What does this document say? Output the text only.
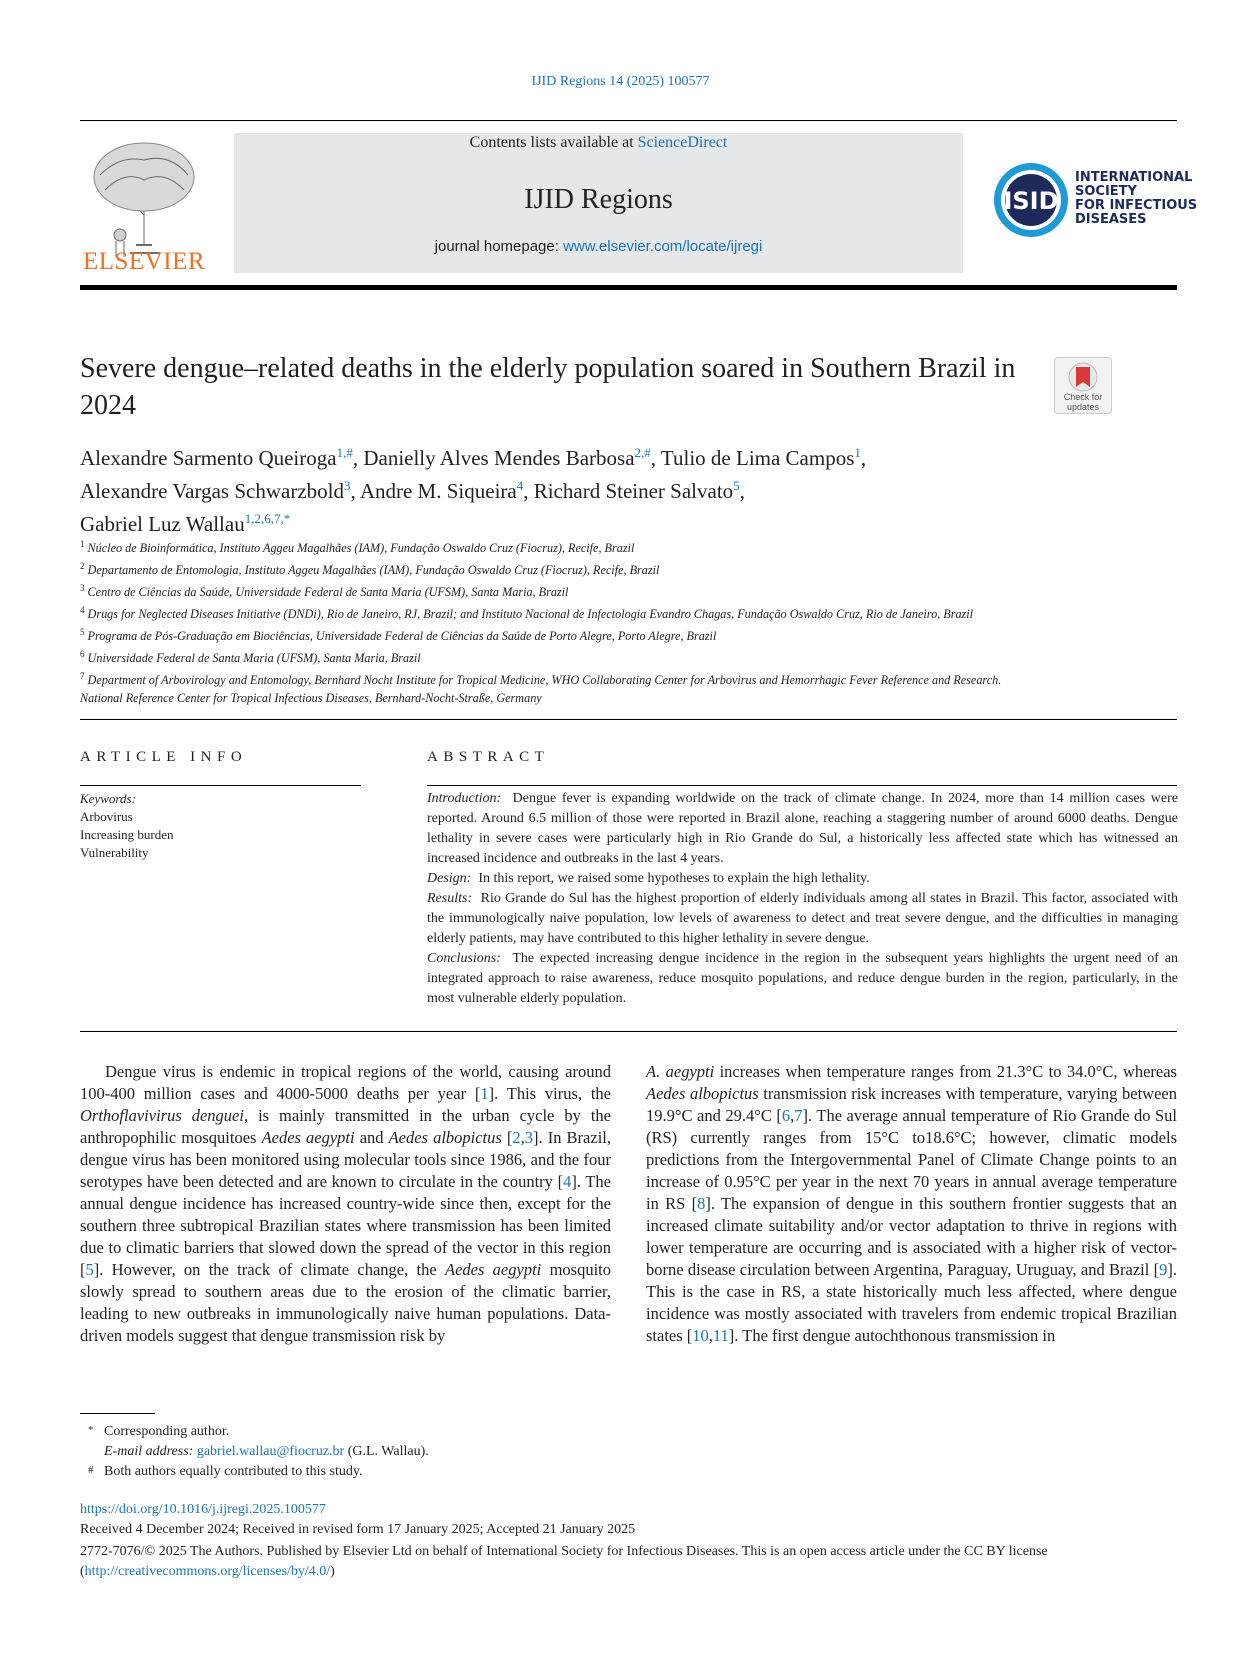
IJID Regions 14 (2025) 100577
ELSEVIER
Contents lists available at ScienceDirect
IJID Regions
journal homepage: www.elsevier.com/locate/ijregi
ISID
INTERNATIONAL
SOCIETY
FOR INFECTIOUS
DISEASES
Severe dengue–related deaths in the elderly population soared in Southern Brazil in 2024	Check for updates
Alexandre Sarmento Queiroga$^{1,\#}$, Danielly Alves Mendes Barbosa$^{2,\#}$, Tulio de Lima Campos$^1$,
Alexandre Vargas Schwarzbold$^3$, Andre M. Siqueira$^4$, Richard Steiner Salvato$^5$,
Gabriel Luz Wallau$^{1,2,6,7,*}$
$^1$ Núcleo de Bioinformática, Instituto Aggeu Magalhães (IAM), Fundação Oswaldo Cruz (Fiocruz), Recife, Brazil
$^2$ Departamento de Entomologia, Instituto Aggeu Magalhães (IAM), Fundação Oswaldo Cruz (Fiocruz), Recife, Brazil
$^3$ Centro de Ciências da Saúde, Universidade Federal de Santa Maria (UFSM), Santa Maria, Brazil
$^4$ Drugs for Neglected Diseases Initiative (DNDi), Rio de Janeiro, RJ, Brazil; and Instituto Nacional de Infectologia Evandro Chagas, Fundação Oswaldo Cruz, Rio de Janeiro, Brazil
$^5$ Programa de Pós-Graduação em Biociências, Universidade Federal de Ciências da Saúde de Porto Alegre, Porto Alegre, Brazil
$^6$ Universidade Federal de Santa Maria (UFSM), Santa Maria, Brazil
$^7$ Department of Arbovirology and Entomology, Bernhard Nocht Institute for Tropical Medicine, WHO Collaborating Center for Arbovirus and Hemorrhagic Fever Reference and Research. National Reference Center for Tropical Infectious Diseases, Bernhard-Nocht-Straße, Germany
ARTICLE INFO	ABSTRACT
Keywords:
Arbovirus
Increasing burden
Vulnerability

Introduction: Dengue fever is expanding worldwide on the track of climate change. In 2024, more than 14 million cases were reported. Around 6.5 million of those were reported in Brazil alone, reaching a staggering number of around 6000 deaths. Dengue lethality in severe cases were particularly high in Rio Grande do Sul, a historically less affected state which has witnessed an increased incidence and outbreaks in the last 4 years.

Design: In this report, we raised some hypotheses to explain the high lethality.

Results: Rio Grande do Sul has the highest proportion of elderly individuals among all states in Brazil. This factor, associated with the immunologically naive population, low levels of awareness to detect and treat severe dengue, and the difficulties in managing elderly patients, may have contributed to this higher lethality in severe dengue.

Conclusions: The expected increasing dengue incidence in the region in the subsequent years highlights the urgent need of an integrated approach to raise awareness, reduce mosquito populations, and reduce dengue burden in the region, particularly, in the most vulnerable elderly population.

Dengue virus is endemic in tropical regions of the world, causing around 100-400 million cases and 4000-5000 deaths per year [1]. This virus, the Orthoflavivirus denguei, is mainly transmitted in the urban cycle by the anthropophilic mosquitoes Aedes aegypti and Aedes albopictus [2,3]. In Brazil, dengue virus has been monitored using molecular tools since 1986, and the four serotypes have been detected and are known to circulate in the country [4]. The annual dengue incidence has increased country-wide since then, except for the southern three subtropical Brazilian states where transmission has been limited due to climatic barriers that slowed down the spread of the vector in this region [5]. However, on the track of climate change, the Aedes aegypti mosquito slowly spread to southern areas due to the erosion of the climatic barrier, leading to new outbreaks in immunologically naive human populations. Data-driven models suggest that dengue transmission risk by

A. aegypti increases when temperature ranges from 21.3°C to 34.0°C, whereas Aedes albopictus transmission risk increases with temperature, varying between 19.9°C and 29.4°C [6,7]. The average annual temperature of Rio Grande do Sul (RS) currently ranges from 15°C to18.6°C; however, climatic models predictions from the Intergovernmental Panel of Climate Change points to an increase of 0.95°C per year in the next 70 years in annual average temperature in RS [8]. The expansion of dengue in this southern frontier suggests that an increased climate suitability and/or vector adaptation to thrive in regions with lower temperature are occurring and is associated with a higher risk of vector-borne disease circulation between Argentina, Paraguay, Uruguay, and Brazil [9]. This is the case in RS, a state historically much less affected, where dengue incidence was mostly associated with travelers from endemic tropical Brazilian states [10,11]. The first dengue autochthonous transmission in

* Corresponding author.
E-mail address: gabriel.wallau@fiocruz.br (G.L. Wallau).
# Both authors equally contributed to this study.
https://doi.org/10.1016/j.ijregi.2025.100577
Received 4 December 2024; Received in revised form 17 January 2025; Accepted 21 January 2025
2772-7076/© 2025 The Authors. Published by Elsevier Ltd on behalf of International Society for Infectious Diseases. This is an open access article under the CC BY license (http://creativecommons.org/licenses/by/4.0/)
